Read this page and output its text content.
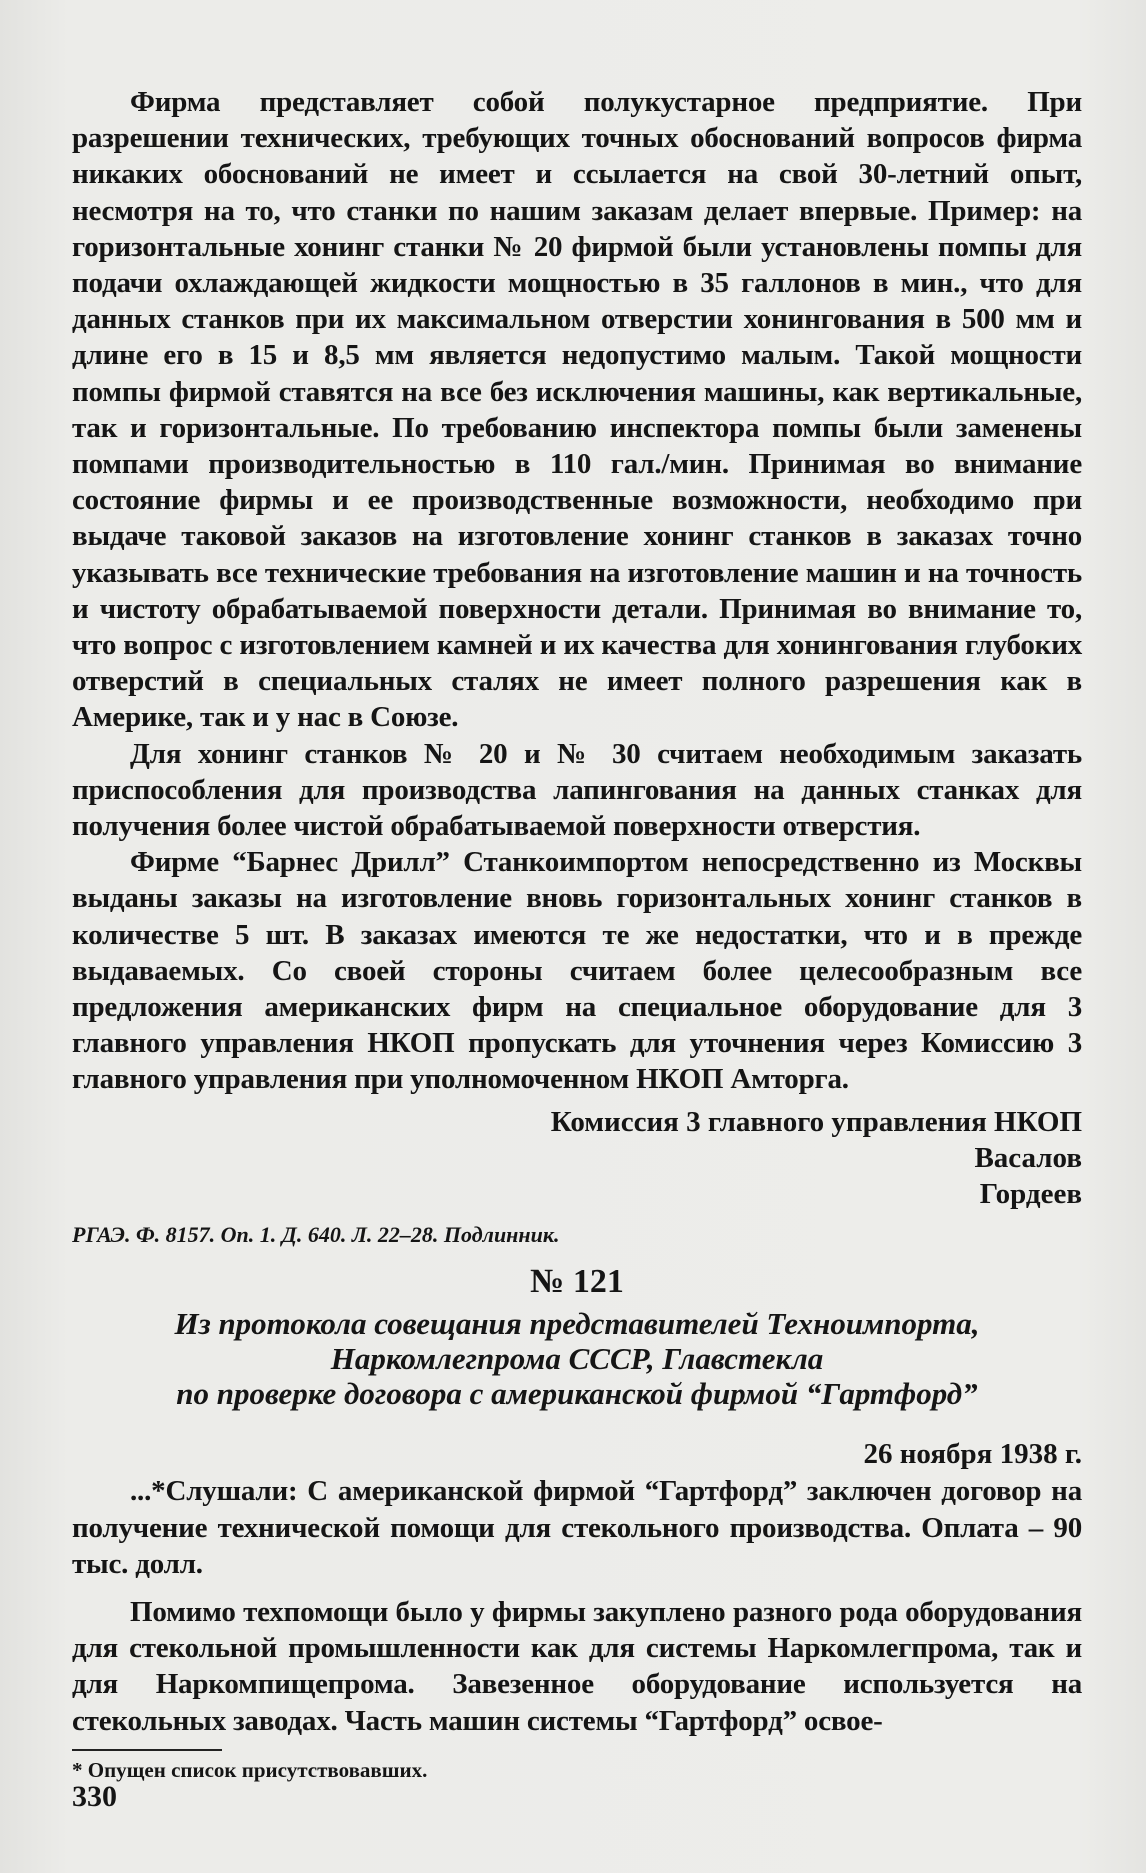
Фирма представляет собой полукустарное предприятие. При разрешении технических, требующих точных обоснований вопросов фирма никаких обоснований не имеет и ссылается на свой 30-летний опыт, несмотря на то, что станки по нашим заказам делает впервые. Пример: на горизонтальные хонинг станки № 20 фирмой были установлены помпы для подачи охлаждающей жидкости мощностью в 35 галлонов в мин., что для данных станков при их максимальном отверстии хонингования в 500 мм и длине его в 15 и 8,5 мм является недопустимо малым. Такой мощности помпы фирмой ставятся на все без исключения машины, как вертикальные, так и горизонтальные. По требованию инспектора помпы были заменены помпами производительностью в 110 гал./мин. Принимая во внимание состояние фирмы и ее производственные возможности, необходимо при выдаче таковой заказов на изготовление хонинг станков в заказах точно указывать все технические требования на изготовление машин и на точность и чистоту обрабатываемой поверхности детали. Принимая во внимание то, что вопрос с изготовлением камней и их качества для хонингования глубоких отверстий в специальных сталях не имеет полного разрешения как в Америке, так и у нас в Союзе.

Для хонинг станков № 20 и № 30 считаем необходимым заказать приспособления для производства лапингования на данных станках для получения более чистой обрабатываемой поверхности отверстия.

Фирме “Барнес Дрилл” Станкоимпортом непосредственно из Москвы выданы заказы на изготовление вновь горизонтальных хонинг станков в количестве 5 шт. В заказах имеются те же недостатки, что и в прежде выдаваемых. Со своей стороны считаем более целесообразным все предложения американских фирм на специальное оборудование для 3 главного управления НКОП пропускать для уточнения через Комиссию 3 главного управления при уполномоченном НКОП Амторга.

Комиссия 3 главного управления НКОП
Васалов
Гордеев
РГАЭ. Ф. 8157. Оп. 1. Д. 640. Л. 22–28. Подлинник.
№ 121
Из протокола совещания представителей Техноимпорта,
Наркомлегпрома СССР, Главстекла
по проверке договора с американской фирмой “Гартфорд”
26 ноября 1938 г.

...*Слушали: С американской фирмой “Гартфорд” заключен договор на получение технической помощи для стекольного производства. Оплата – 90 тыс. долл.

Помимо техпомощи было у фирмы закуплено разного рода оборудования для стекольной промышленности как для системы Наркомлегпрома, так и для Наркомпищепрома. Завезенное оборудование используется на стекольных заводах. Часть машин системы “Гартфорд” освое-

* Опущен список присутствовавших.
330
